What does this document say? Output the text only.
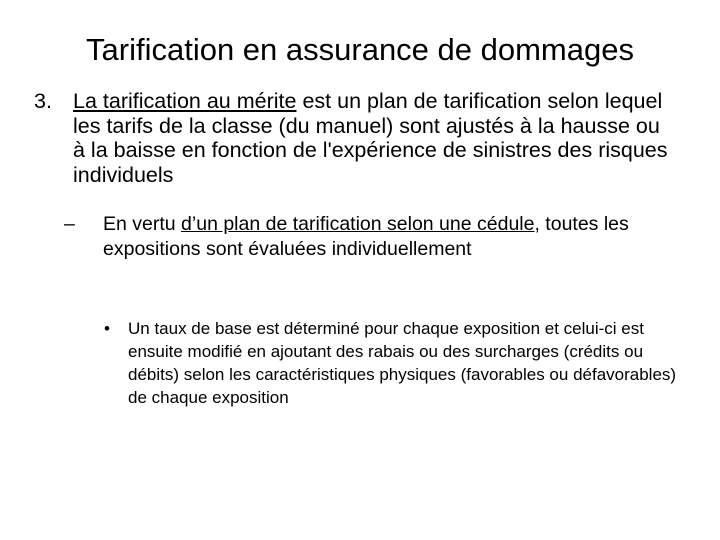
Tarification en assurance de dommages
3. La tarification au mérite est un plan de tarification selon lequel les tarifs de la classe (du manuel) sont ajustés à la hausse ou à la baisse en fonction de l'expérience de sinistres des risques individuels
– En vertu d’un plan de tarification selon une cédule, toutes les expositions sont évaluées individuellement
• Un taux de base est déterminé pour chaque exposition et celui-ci est ensuite modifié en ajoutant des rabais ou des surcharges (crédits ou débits) selon les caractéristiques physiques (favorables ou défavorables) de chaque exposition
